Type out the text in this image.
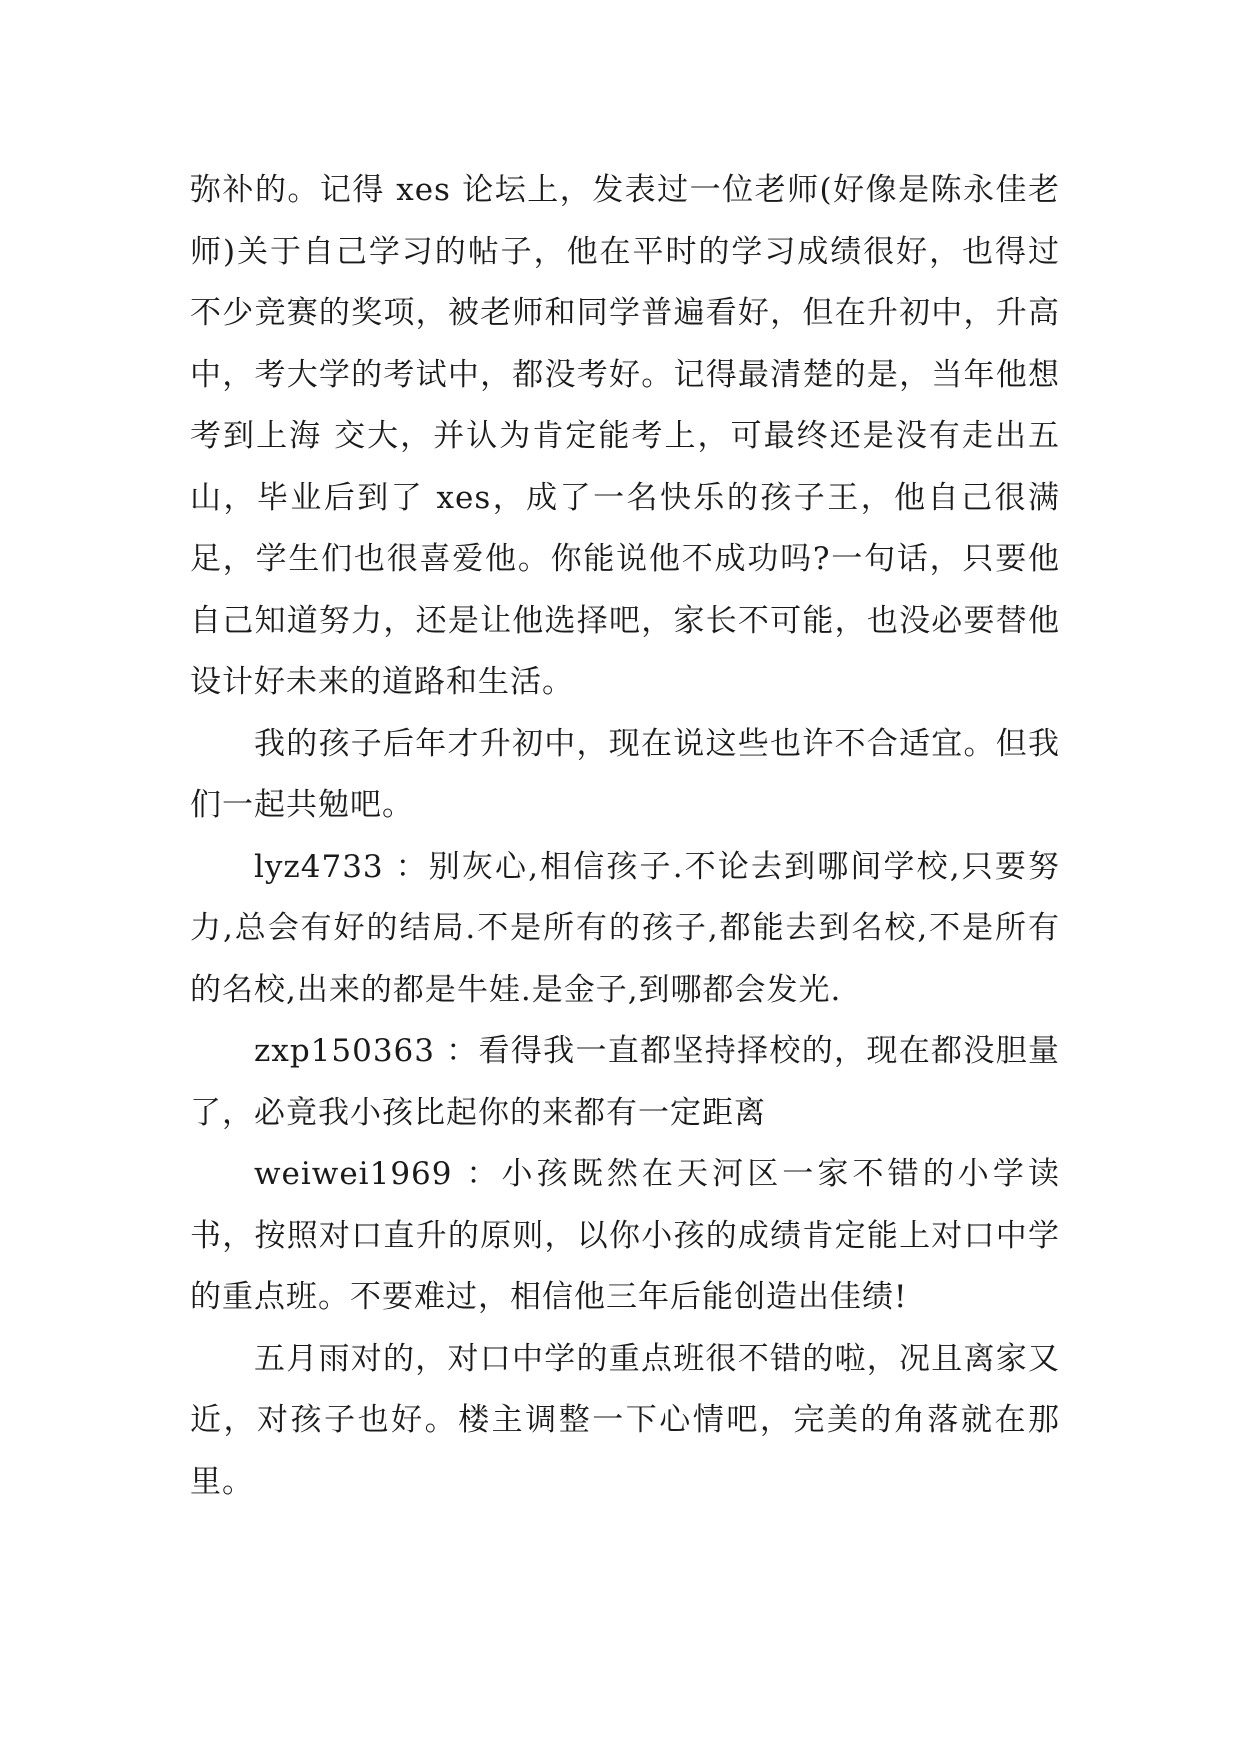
弥补的。记得 xes 论坛上，发表过一位老师(好像是陈永佳老师)关于自己学习的帖子，他在平时的学习成绩很好，也得过不少竞赛的奖项，被老师和同学普遍看好，但在升初中，升高中，考大学的考试中，都没考好。记得最清楚的是，当年他想考到上海 交大，并认为肯定能考上，可最终还是没有走出五山，毕业后到了 xes，成了一名快乐的孩子王，他自己很满足，学生们也很喜爱他。你能说他不成功吗?一句话，只要他自己知道努力，还是让他选择吧，家长不可能，也没必要替他设计好未来的道路和生活。

我的孩子后年才升初中，现在说这些也许不合适宜。但我们一起共勉吧。

lyz4733 ：别灰心,相信孩子.不论去到哪间学校,只要努力,总会有好的结局.不是所有的孩子,都能去到名校,不是所有的名校,出来的都是牛娃.是金子,到哪都会发光.

zxp150363 ：看得我一直都坚持择校的，现在都没胆量了，必竟我小孩比起你的来都有一定距离

weiwei1969 ：小孩既然在天河区一家不错的小学读书，按照对口直升的原则，以你小孩的成绩肯定能上对口中学的重点班。不要难过，相信他三年后能创造出佳绩!

五月雨对的，对口中学的重点班很不错的啦，况且离家又近，对孩子也好。楼主调整一下心情吧，完美的角落就在那里。
